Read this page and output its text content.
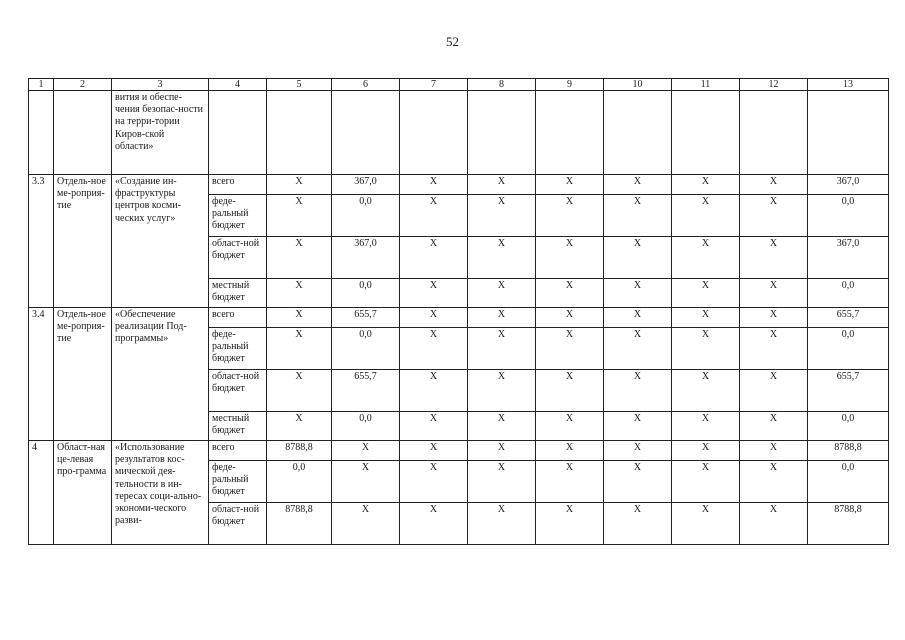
52
1	2	3	4	5	6	7	8	9	10	11	12	13
		вития и обеспе-чения безопас-ности на терри-тории Киров-ской области»										
3.3	Отдель-ное ме-роприя-тие	«Создание ин-фраструктуры центров косми-ческих услуг»	всего	X	367,0	X	X	X	X	X	X	367,0
			феде-ральный бюджет	X	0,0	X	X	X	X	X	X	0,0
			област-ной бюджет	X	367,0	X	X	X	X	X	X	367,0
			местный бюджет	X	0,0	X	X	X	X	X	X	0,0
3.4	Отдель-ное ме-роприя-тие	«Обеспечение реализации Под-программы»	всего	X	655,7	X	X	X	X	X	X	655,7
			феде-ральный бюджет	X	0,0	X	X	X	X	X	X	0,0
			област-ной бюджет	X	655,7	X	X	X	X	X	X	655,7
			местный бюджет	X	0,0	X	X	X	X	X	X	0,0
4	Област-ная це-левая про-грамма	«Использование результатов кос-мической дея-тельности в ин-тересах соци-ально-экономи-ческого разви-	всего	8788,8	X	X	X	X	X	X	X	8788,8
			феде-ральный бюджет	0,0	X	X	X	X	X	X	X	0,0
			област-ной бюджет	8788,8	X	X	X	X	X	X	X	8788,8
